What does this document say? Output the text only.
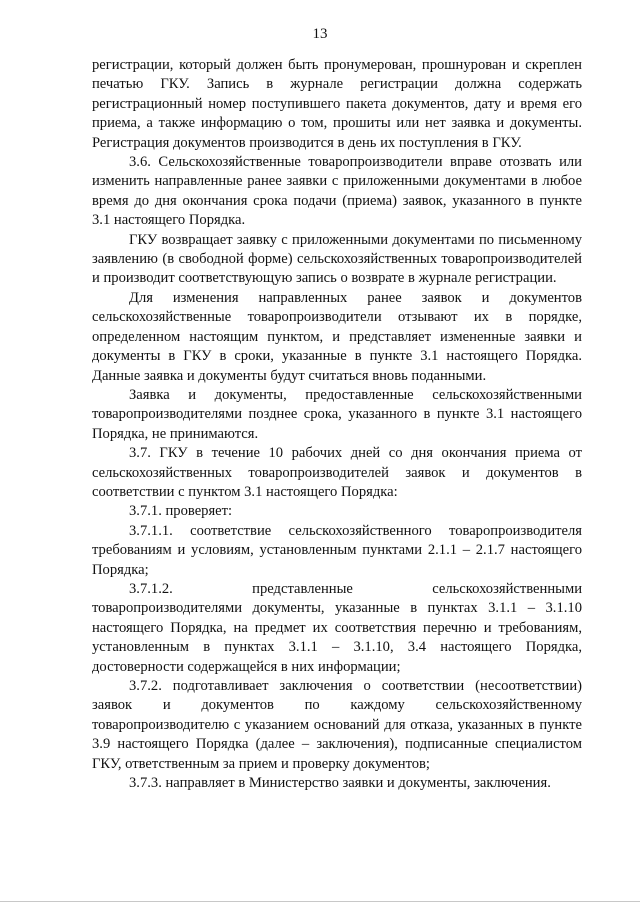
13

регистрации, который должен быть пронумерован, прошнурован и скреплен печатью ГКУ. Запись в журнале регистрации должна содержать регистрационный номер поступившего пакета документов, дату и время его приема, а также информацию о том, прошиты или нет заявка и документы. Регистрация документов производится в день их поступления в ГКУ.

3.6. Сельскохозяйственные товаропроизводители вправе отозвать или изменить направленные ранее заявки с приложенными документами в любое время до дня окончания срока подачи (приема) заявок, указанного в пункте 3.1 настоящего Порядка.

ГКУ возвращает заявку с приложенными документами по письменному заявлению (в свободной форме) сельскохозяйственных товаропроизводителей и производит соответствующую запись о возврате в журнале регистрации.

Для изменения направленных ранее заявок и документов сельскохозяйственные товаропроизводители отзывают их в порядке, определенном настоящим пунктом, и представляет измененные заявки и документы в ГКУ в сроки, указанные в пункте 3.1 настоящего Порядка. Данные заявка и документы будут считаться вновь поданными.

Заявка и документы, предоставленные сельскохозяйственными товаропроизводителями позднее срока, указанного в пункте 3.1 настоящего Порядка, не принимаются.

3.7. ГКУ в течение 10 рабочих дней со дня окончания приема от сельскохозяйственных товаропроизводителей заявок и документов в соответствии с пунктом 3.1 настоящего Порядка:

3.7.1. проверяет:

3.7.1.1. соответствие сельскохозяйственного товаропроизводителя требованиям и условиям, установленным пунктами 2.1.1 – 2.1.7 настоящего Порядка;

3.7.1.2. представленные сельскохозяйственными товаропроизводителями документы, указанные в пунктах 3.1.1 – 3.1.10 настоящего Порядка, на предмет их соответствия перечню и требованиям, установленным в пунктах 3.1.1 – 3.1.10, 3.4 настоящего Порядка, достоверности содержащейся в них информации;

3.7.2. подготавливает заключения о соответствии (несоответствии) заявок и документов по каждому сельскохозяйственному товаропроизводителю с указанием оснований для отказа, указанных в пункте 3.9 настоящего Порядка (далее – заключения), подписанные специалистом ГКУ, ответственным за прием и проверку документов;

3.7.3. направляет в Министерство заявки и документы, заключения.
